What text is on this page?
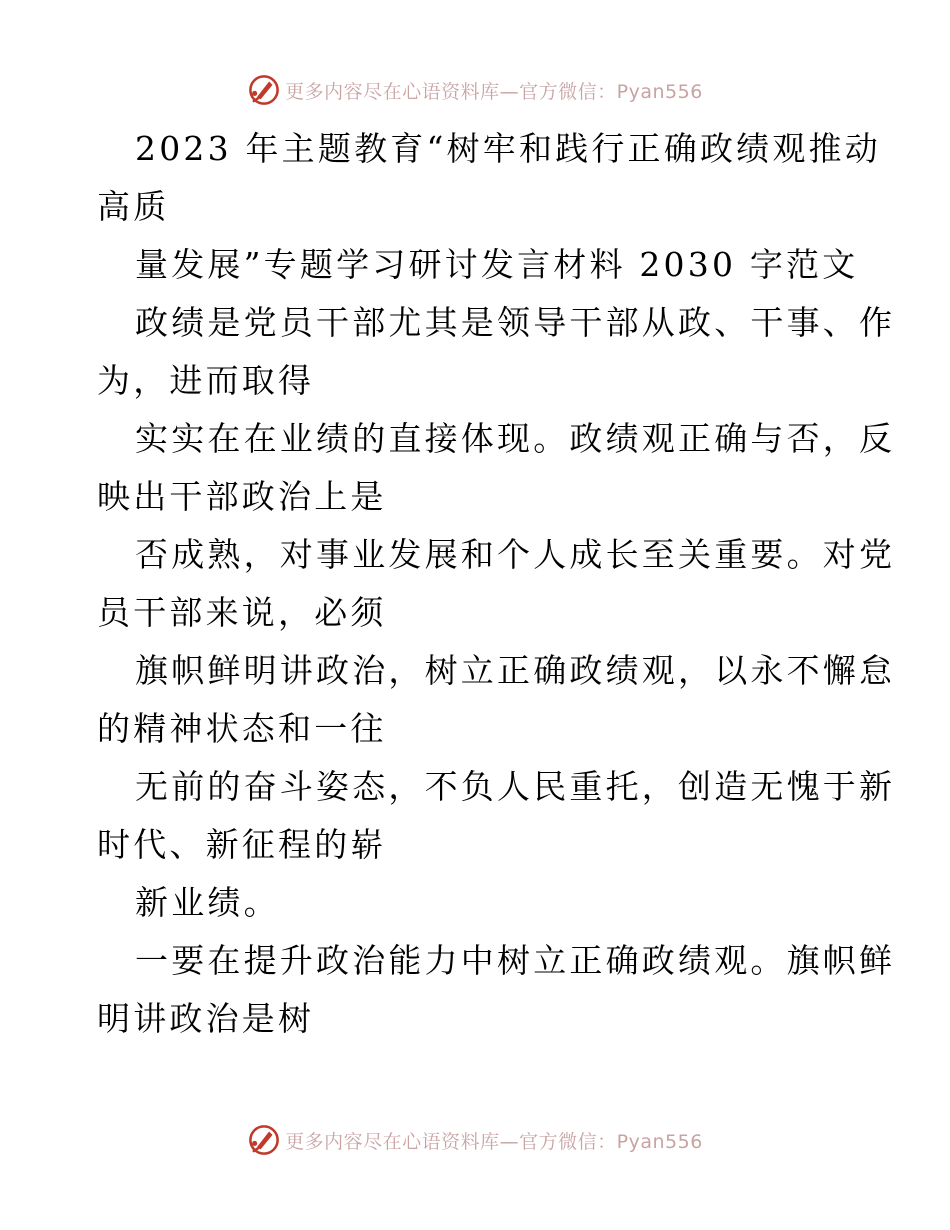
更多内容尽在心语资料库—官方微信：Pyan556
2023 年主题教育“树牢和践行正确政绩观推动
高质
量发展”专题学习研讨发言材料 2030 字范文
政绩是党员干部尤其是领导干部从政、干事、作
为，进而取得
实实在在业绩的直接体现。政绩观正确与否，反
映出干部政治上是
否成熟，对事业发展和个人成长至关重要。对党
员干部来说，必须
旗帜鲜明讲政治，树立正确政绩观，以永不懈怠
的精神状态和一往
无前的奋斗姿态，不负人民重托，创造无愧于新
时代、新征程的崭
新业绩。
一要在提升政治能力中树立正确政绩观。旗帜鲜
明讲政治是树
更多内容尽在心语资料库—官方微信：Pyan556
